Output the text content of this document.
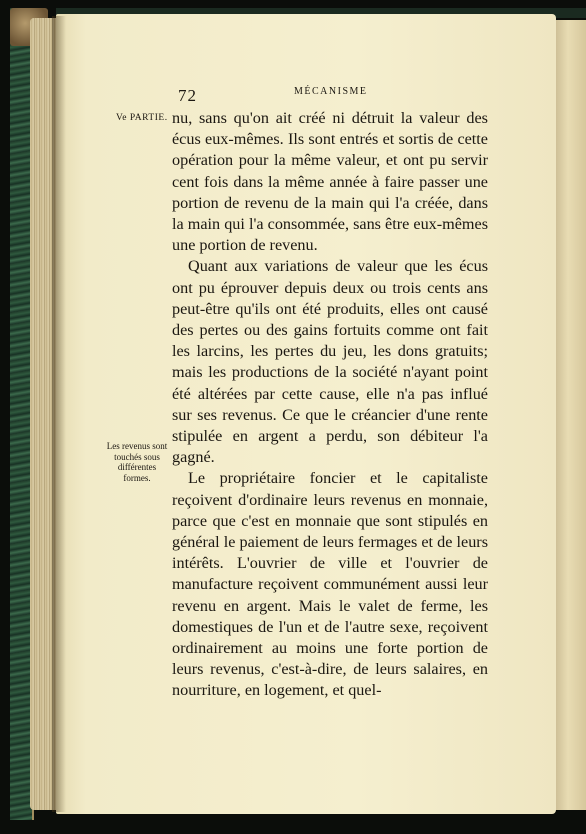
72	MÉCANISME
Ve PARTIE.
Les revenus sont touchés sous différentes formes.

nu, sans qu'on ait créé ni détruit la valeur des écus eux-mêmes. Ils sont entrés et sortis de cette opération pour la même valeur, et ont pu servir cent fois dans la même année à faire passer une portion de revenu de la main qui l'a créée, dans la main qui l'a consommée, sans être eux-mêmes une portion de revenu.

Quant aux variations de valeur que les écus ont pu éprouver depuis deux ou trois cents ans peut-être qu'ils ont été produits, elles ont causé des pertes ou des gains fortuits comme ont fait les larcins, les pertes du jeu, les dons gratuits; mais les productions de la société n'ayant point été altérées par cette cause, elle n'a pas influé sur ses revenus. Ce que le créancier d'une rente stipulée en argent a perdu, son débiteur l'a gagné.

Le propriétaire foncier et le capitaliste reçoivent d'ordinaire leurs revenus en monnaie, parce que c'est en monnaie que sont stipulés en général le paiement de leurs fermages et de leurs intérêts. L'ouvrier de ville et l'ouvrier de manufacture reçoivent communément aussi leur revenu en argent. Mais le valet de ferme, les domestiques de l'un et de l'autre sexe, reçoivent ordinairement au moins une forte portion de leurs revenus, c'est-à-dire, de leurs salaires, en nourriture, en logement, et quel-
